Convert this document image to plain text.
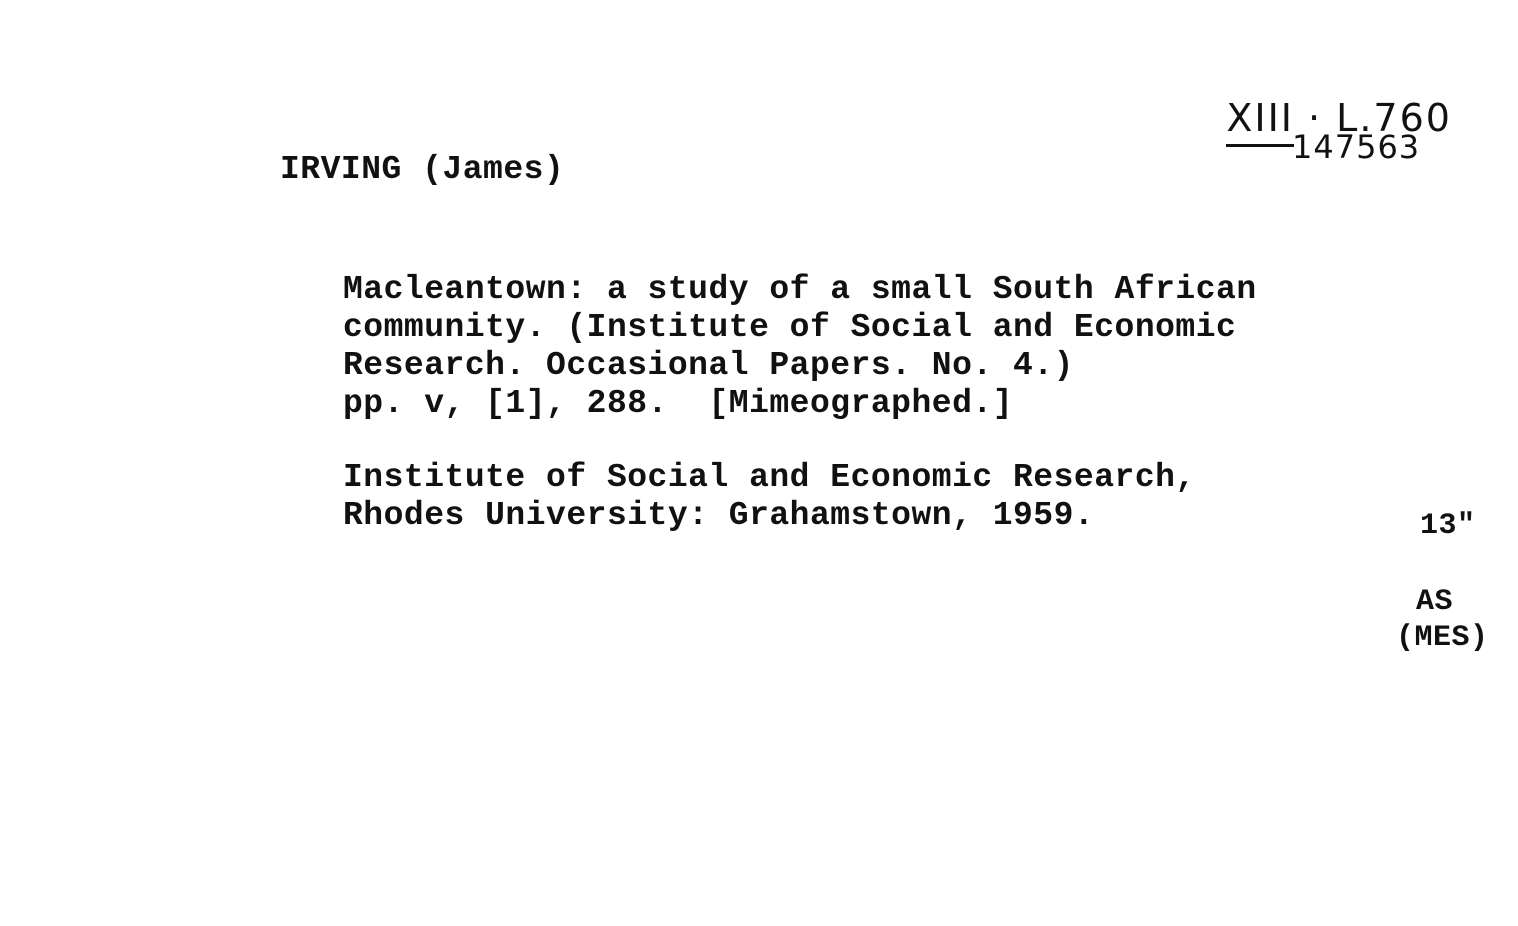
XIII · L.760

147563
IRVING (James)
Macleantown: a study of a small South African
community. (Institute of Social and Economic
Research. Occasional Papers. No. 4.)
pp. v, [1], 288.  [Mimeographed.]
Institute of Social and Economic Research,
Rhodes University: Grahamstown, 1959.	13"
AS
(MES)
